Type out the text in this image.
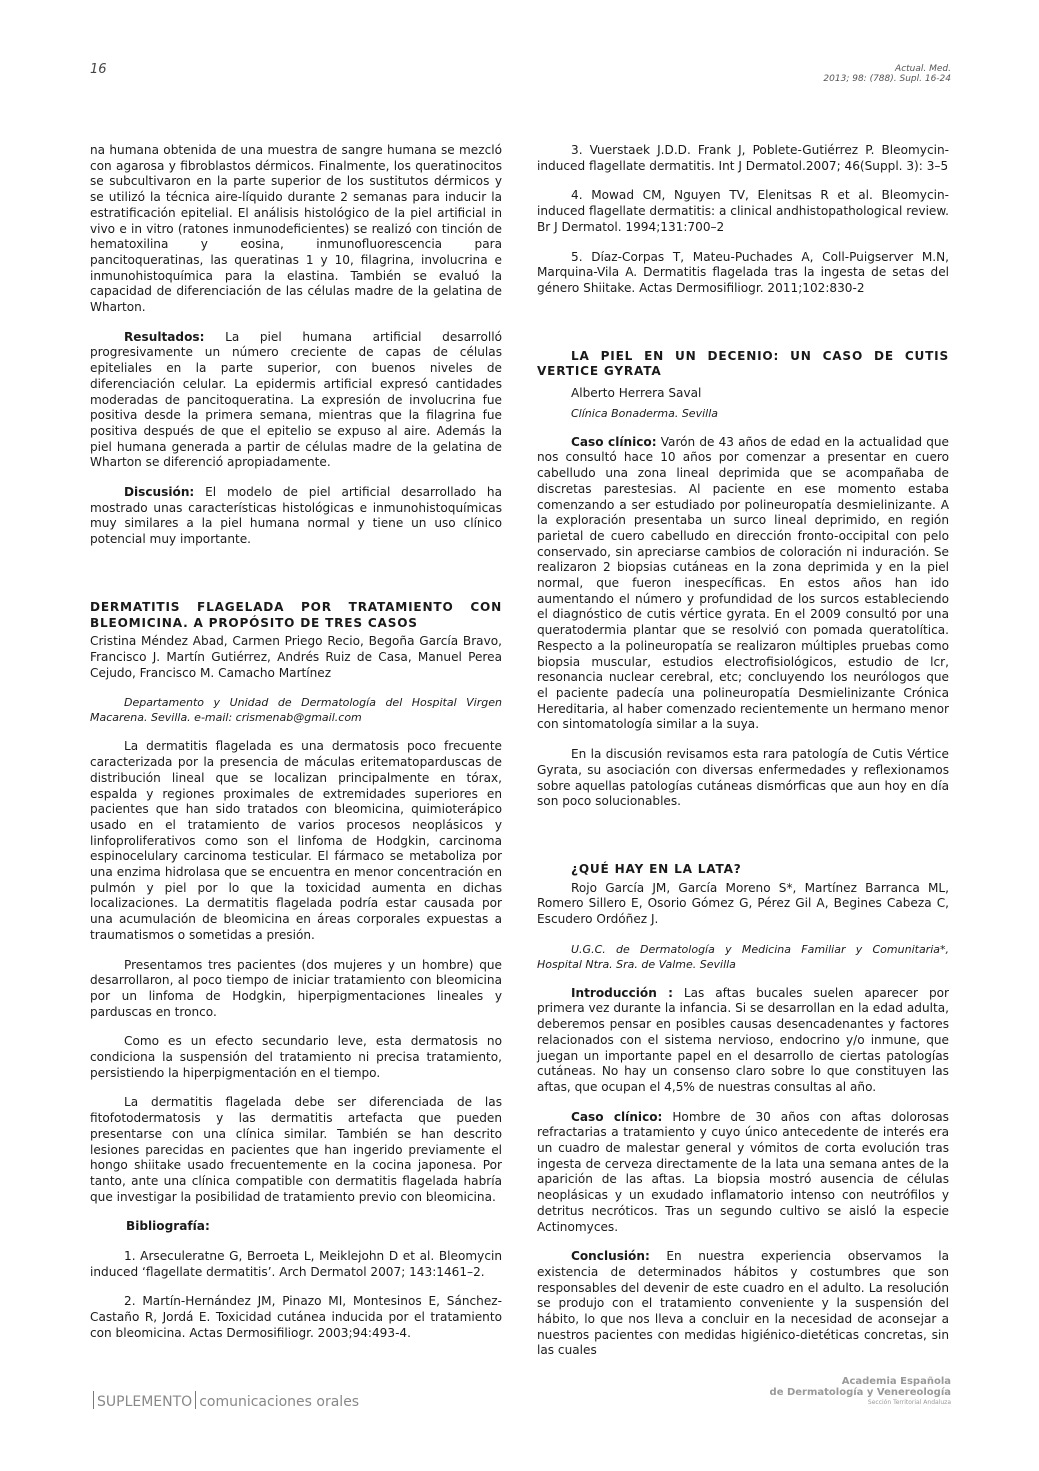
16	Actual. Med.
2013; 98: (788). Supl. 16-24

na humana obtenida de una muestra de sangre humana se mezcló con agarosa y fibroblastos dérmicos. Finalmente, los queratinocitos se subcultivaron en la parte superior de los sustitutos dérmicos y se utilizó la técnica aire-líquido durante 2 semanas para inducir la estratificación epitelial. El análisis histológico de la piel artificial in vivo e in vitro (ratones inmunodeficientes) se realizó con tinción de hematoxilina y eosina, inmunofluorescencia para pancitoqueratinas, las queratinas 1 y 10, filagrina, involucrina e inmunohistoquímica para la elastina. También se evaluó la capacidad de diferenciación de las células madre de la gelatina de Wharton.

Resultados: La piel humana artificial desarrolló progresivamente un número creciente de capas de células epiteliales en la parte superior, con buenos niveles de diferenciación celular. La epidermis artificial expresó cantidades moderadas de pancitoqueratina. La expresión de involucrina fue positiva desde la primera semana, mientras que la filagrina fue positiva después de que el epitelio se expuso al aire. Además la piel humana generada a partir de células madre de la gelatina de Wharton se diferenció apropiadamente.

Discusión: El modelo de piel artificial desarrollado ha mostrado unas características histológicas e inmunohistoquímicas muy similares a la piel humana normal y tiene un uso clínico potencial muy importante.

DERMATITIS FLAGELADA POR TRATAMIENTO CON BLEOMICINA. A PROPÓSITO DE TRES CASOS

Cristina Méndez Abad, Carmen Priego Recio, Begoña García Bravo, Francisco J. Martín Gutiérrez, Andrés Ruiz de Casa, Manuel Perea Cejudo, Francisco M. Camacho Martínez

Departamento y Unidad de Dermatología del Hospital Virgen Macarena. Sevilla. e-mail: crismenab@gmail.com

La dermatitis flagelada es una dermatosis poco frecuente caracterizada por la presencia de máculas eritematoparduscas de distribución lineal que se localizan principalmente en tórax, espalda y regiones proximales de extremidades superiores en pacientes que han sido tratados con bleomicina, quimioterápico usado en el tratamiento de varios procesos neoplásicos y linfoproliferativos como son el linfoma de Hodgkin, carcinoma espinocelulary carcinoma testicular. El fármaco se metaboliza por una enzima hidrolasa que se encuentra en menor concentración en pulmón y piel por lo que la toxicidad aumenta en dichas localizaciones. La dermatitis flagelada podría estar causada por una acumulación de bleomicina en áreas corporales expuestas a traumatismos o sometidas a presión.

Presentamos tres pacientes (dos mujeres y un hombre) que desarrollaron, al poco tiempo de iniciar tratamiento con bleomicina por un linfoma de Hodgkin, hiperpigmentaciones lineales y parduscas en tronco.

Como es un efecto secundario leve, esta dermatosis no condiciona la suspensión del tratamiento ni precisa tratamiento, persistiendo la hiperpigmentación en el tiempo.

La dermatitis flagelada debe ser diferenciada de las fitofotodermatosis y las dermatitis artefacta que pueden presentarse con una clínica similar. También se han descrito lesiones parecidas en pacientes que han ingerido previamente el hongo shiitake usado frecuentemente en la cocina japonesa. Por tanto, ante una clínica compatible con dermatitis flagelada habría que investigar la posibilidad de tratamiento previo con bleomicina.

Bibliografía:

1. Arseculeratne G, Berroeta L, Meiklejohn D et al. Bleomycin induced ‘flagellate dermatitis’. Arch Dermatol 2007; 143:1461–2.

2. Martín-Hernández JM, Pinazo MI, Montesinos E, Sánchez-Castaño R, Jordá E. Toxicidad cutánea inducida por el tratamiento con bleomicina. Actas Dermosifiliogr. 2003;94:493-4.

3. Vuerstaek J.D.D. Frank J, Poblete-Gutiérrez P. Bleomycin-induced flagellate dermatitis. Int J Dermatol.2007; 46(Suppl. 3): 3–5

4. Mowad CM, Nguyen TV, Elenitsas R et al. Bleomycin-induced flagellate dermatitis: a clinical andhistopathological review. Br J Dermatol. 1994;131:700–2

5. Díaz-Corpas T, Mateu-Puchades A, Coll-Puigserver M.N, Marquina-Vila A. Dermatitis flagelada tras la ingesta de setas del género Shiitake. Actas Dermosifiliogr. 2011;102:830-2

LA PIEL EN UN DECENIO: UN CASO DE CUTIS VERTICE GYRATA

Alberto Herrera Saval

Clínica Bonaderma. Sevilla

Caso clínico: Varón de 43 años de edad en la actualidad que nos consultó hace 10 años por comenzar a presentar en cuero cabelludo una zona lineal deprimida que se acompañaba de discretas parestesias. Al paciente en ese momento estaba comenzando a ser estudiado por polineuropatía desmielinizante. A la exploración presentaba un surco lineal deprimido, en región parietal de cuero cabelludo en dirección fronto-occipital con pelo conservado, sin apreciarse cambios de coloración ni induración. Se realizaron 2 biopsias cutáneas en la zona deprimida y en la piel normal, que fueron inespecíficas. En estos años han ido aumentando el número y profundidad de los surcos estableciendo el diagnóstico de cutis vértice gyrata. En el 2009 consultó por una queratodermia plantar que se resolvió con pomada queratolítica. Respecto a la polineuropatía se realizaron múltiples pruebas como biopsia muscular, estudios electrofisiológicos, estudio de lcr, resonancia nuclear cerebral, etc; concluyendo los neurólogos que el paciente padecía una polineuropatía Desmielinizante Crónica Hereditaria, al haber comenzado recientemente un hermano menor con sintomatología similar a la suya.

En la discusión revisamos esta rara patología de Cutis Vértice Gyrata, su asociación con diversas enfermedades y reflexionamos sobre aquellas patologías cutáneas dismórficas que aun hoy en día son poco solucionables.

¿QUÉ HAY EN LA LATA?

Rojo García JM, García Moreno S*, Martínez Barranca ML, Romero Sillero E, Osorio Gómez G, Pérez Gil A, Begines Cabeza C, Escudero Ordóñez J.

U.G.C. de Dermatología y Medicina Familiar y Comunitaria*, Hospital Ntra. Sra. de Valme. Sevilla

Introducción : Las aftas bucales suelen aparecer por primera vez durante la infancia. Si se desarrollan en la edad adulta, deberemos pensar en posibles causas desencadenantes y factores relacionados con el sistema nervioso, endocrino y/o inmune, que juegan un importante papel en el desarrollo de ciertas patologías cutáneas. No hay un consenso claro sobre lo que constituyen las aftas, que ocupan el 4,5% de nuestras consultas al año.

Caso clínico: Hombre de 30 años con aftas dolorosas refractarias a tratamiento y cuyo único antecedente de interés era un cuadro de malestar general y vómitos de corta evolución tras ingesta de cerveza directamente de la lata una semana antes de la aparición de las aftas. La biopsia mostró ausencia de células neoplásicas y un exudado inflamatorio intenso con neutrófilos y detritus necróticos. Tras un segundo cultivo se aisló la especie Actinomyces.

Conclusión: En nuestra experiencia observamos la existencia de determinados hábitos y costumbres que son responsables del devenir de este cuadro en el adulto. La resolución se produjo con el tratamiento conveniente y la suspensión del hábito, lo que nos lleva a concluir en la necesidad de aconsejar a nuestros pacientes con medidas higiénico-dietéticas concretas, sin las cuales

SUPLEMENTO comunicaciones orales
Academia Española
de Dermatología y Venereología
Sección Territorial Andaluza
